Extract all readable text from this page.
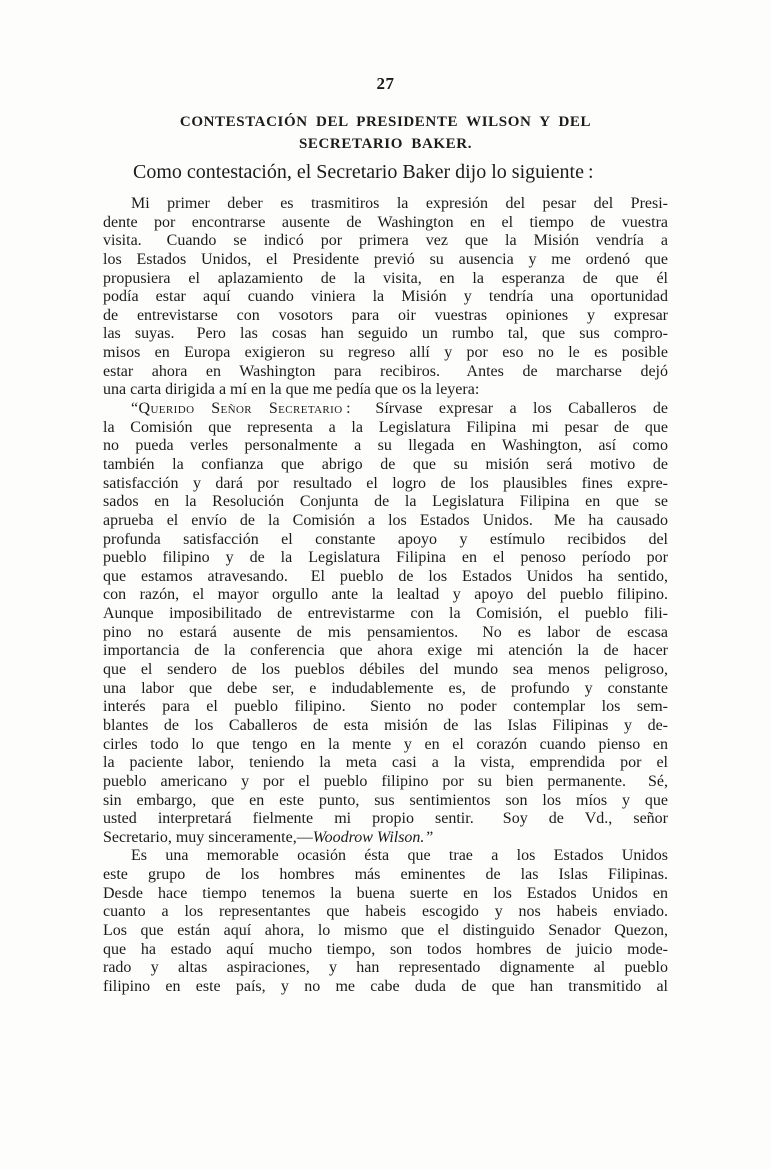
27
CONTESTACIÓN DEL PRESIDENTE WILSON Y DEL
SECRETARIO BAKER.
Como contestación, el Secretario Baker dijo lo siguiente :
Mi primer deber es trasmitiros la expresión del pesar del Presi-
dente por encontrarse ausente de Washington en el tiempo de vuestra
visita.  Cuando se indicó por primera vez que la Misión vendría a
los Estados Unidos, el Presidente previó su ausencia y me ordenó que
propusiera el aplazamiento de la visita, en la esperanza de que él
podía estar aquí cuando viniera la Misión y tendría una oportunidad
de entrevistarse con vosotors para oir vuestras opiniones y expresar
las suyas.  Pero las cosas han seguido un rumbo tal, que sus compro-
misos en Europa exigieron su regreso allí y por eso no le es posible
estar ahora en Washington para recibiros.  Antes de marcharse dejó
una carta dirigida a mí en la que me pedía que os la leyera:
“Querido Señor Secretario :  Sírvase expresar a los Caballeros de
la Comisión que representa a la Legislatura Filipina mi pesar de que
no pueda verles personalmente a su llegada en Washington, así como
también la confianza que abrigo de que su misión será motivo de
satisfacción y dará por resultado el logro de los plausibles fines expre-
sados en la Resolución Conjunta de la Legislatura Filipina en que se
aprueba el envío de la Comisión a los Estados Unidos.  Me ha causado
profunda satisfacción el constante apoyo y estímulo recibidos del
pueblo filipino y de la Legislatura Filipina en el penoso período por
que estamos atravesando.  El pueblo de los Estados Unidos ha sentido,
con razón, el mayor orgullo ante la lealtad y apoyo del pueblo filipino.
Aunque imposibilitado de entrevistarme con la Comisión, el pueblo fili-
pino no estará ausente de mis pensamientos.  No es labor de escasa
importancia de la conferencia que ahora exige mi atención la de hacer
que el sendero de los pueblos débiles del mundo sea menos peligroso,
una labor que debe ser, e indudablemente es, de profundo y constante
interés para el pueblo filipino.  Siento no poder contemplar los sem-
blantes de los Caballeros de esta misión de las Islas Filipinas y de-
cirles todo lo que tengo en la mente y en el corazón cuando pienso en
la paciente labor, teniendo la meta casi a la vista, emprendida por el
pueblo americano y por el pueblo filipino por su bien permanente.  Sé,
sin embargo, que en este punto, sus sentimientos son los míos y que
usted interpretará fielmente mi propio sentir.  Soy de Vd., señor
Secretario, muy sinceramente,—Woodrow Wilson.”
Es una memorable ocasión ésta que trae a los Estados Unidos
este grupo de los hombres más eminentes de las Islas Filipinas.
Desde hace tiempo tenemos la buena suerte en los Estados Unidos en
cuanto a los representantes que habeis escogido y nos habeis enviado.
Los que están aquí ahora, lo mismo que el distinguido Senador Quezon,
que ha estado aquí mucho tiempo, son todos hombres de juicio mode-
rado y altas aspiraciones, y han representado dignamente al pueblo
filipino en este país, y no me cabe duda de que han transmitido al
